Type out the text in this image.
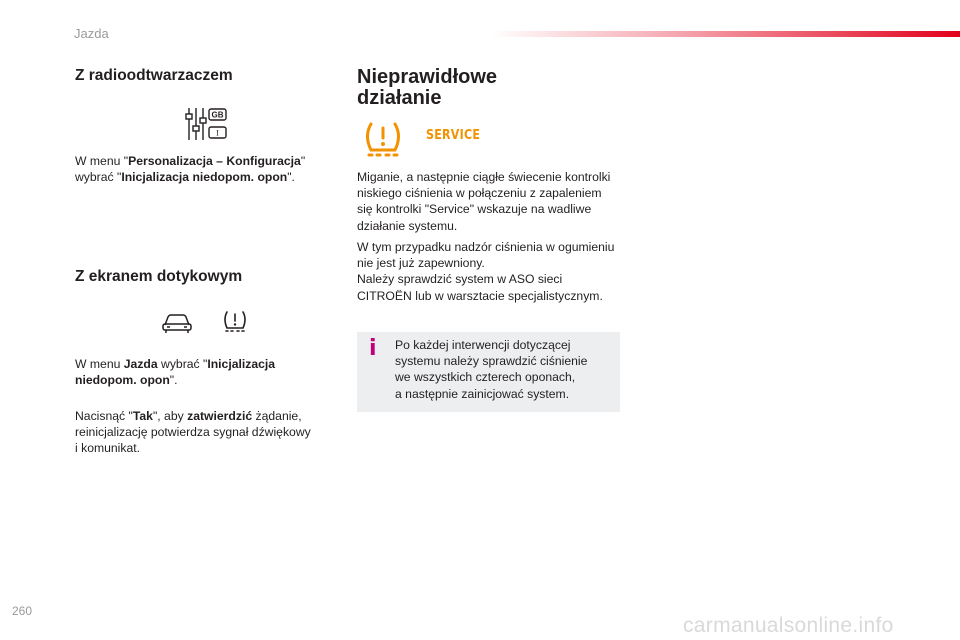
Jazda
Z radioodtwarzaczem
GB
I

W menu "Personalizacja – Konfiguracja"
wybrać "Inicjalizacja niedopom. opon".

Z ekranem dotykowym

W menu Jazda wybrać "Inicjalizacja
niedopom. opon".

Nacisnąć "Tak", aby zatwierdzić żądanie,
reinicjalizację potwierdza sygnał dźwiękowy
i komunikat.

Nieprawidłowe
działanie
SERVICE

Miganie, a następnie ciągłe świecenie kontrolki
niskiego ciśnienia w połączeniu z zapaleniem
się kontrolki "Service" wskazuje na wadliwe
działanie systemu.

W tym przypadku nadzór ciśnienia w ogumieniu
nie jest już zapewniony.
Należy sprawdzić system w ASO sieci
CITROËN lub w warsztacie specjalistycznym.

i Po każdej interwencji dotyczącej
systemu należy sprawdzić ciśnienie
we wszystkich czterech oponach,
a następnie zainicjować system.

260
carmanualsonline.info
